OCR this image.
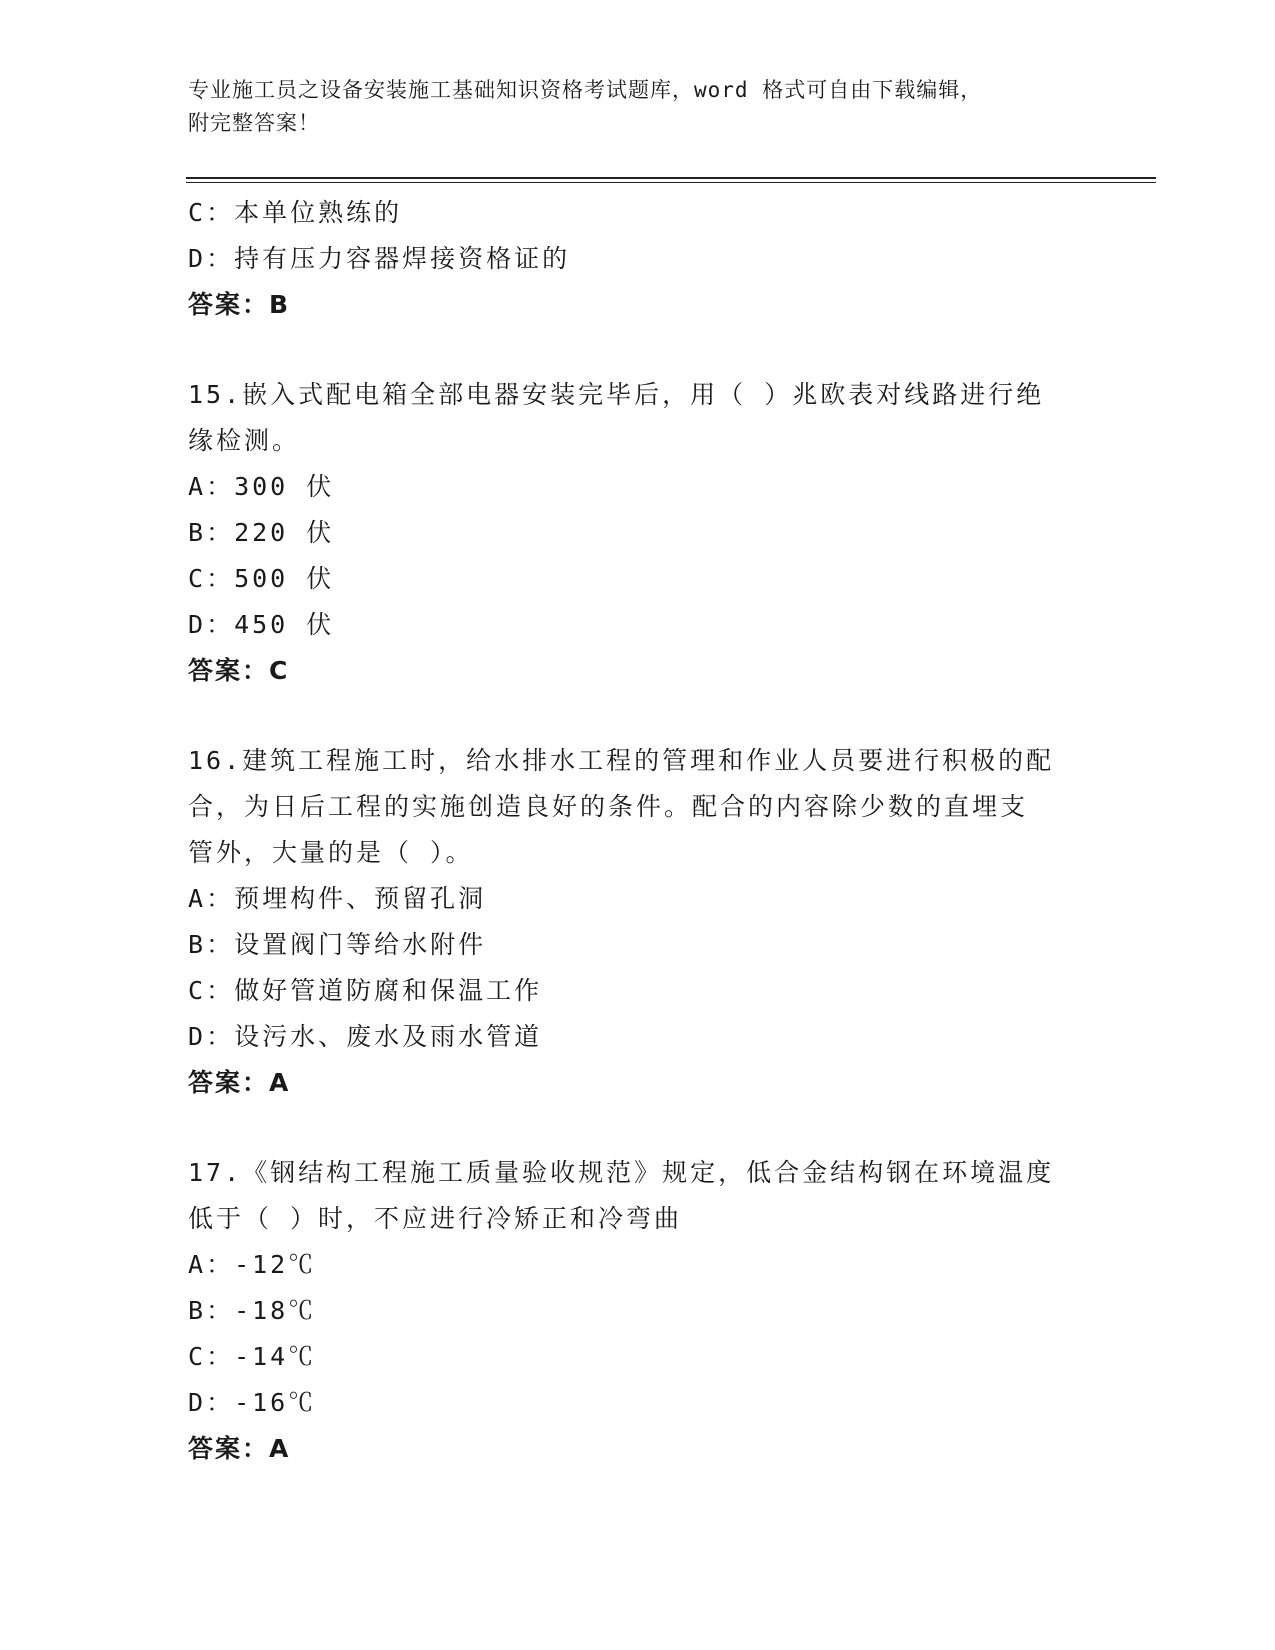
专业施工员之设备安装施工基础知识资格考试题库，word 格式可自由下载编辑，
附完整答案！
C：本单位熟练的
D：持有压力容器焊接资格证的
答案：B
15.嵌入式配电箱全部电器安装完毕后，用（ ）兆欧表对线路进行绝
缘检测。
A：300 伏
B：220 伏
C：500 伏
D：450 伏
答案：C
16.建筑工程施工时，给水排水工程的管理和作业人员要进行积极的配
合，为日后工程的实施创造良好的条件。配合的内容除少数的直埋支
管外，大量的是（ ）。
A：预埋构件、预留孔洞
B：设置阀门等给水附件
C：做好管道防腐和保温工作
D：设污水、废水及雨水管道
答案：A
17.《钢结构工程施工质量验收规范》规定，低合金结构钢在环境温度
低于（ ）时，不应进行冷矫正和冷弯曲
A：-12℃
B：-18℃
C：-14℃
D：-16℃
答案：A
